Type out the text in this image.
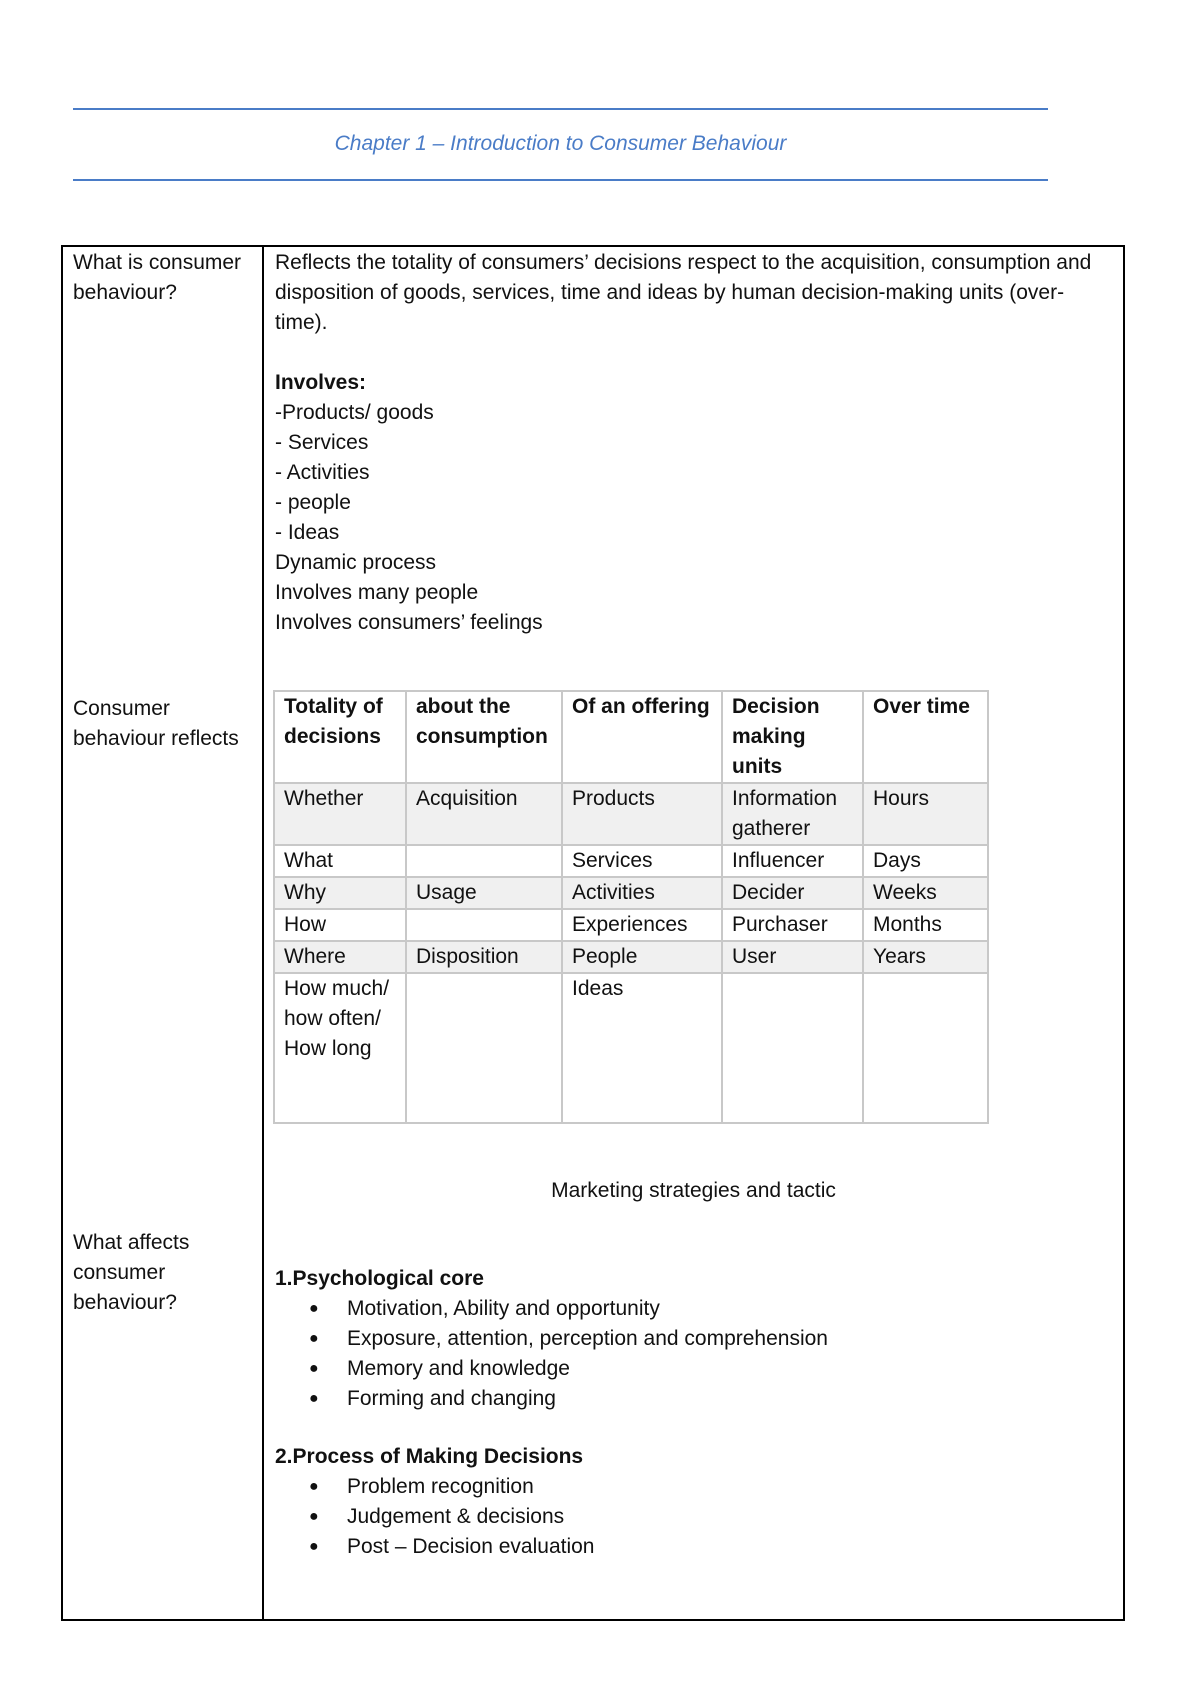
Chapter 1 – Introduction to Consumer Behaviour
What is consumer behaviour?

Reflects the totality of consumers’ decisions respect to the acquisition, consumption and disposition of goods, services, time and ideas by human decision-making units (over-time).

Involves:

-Products/ goods

- Services

- Activities

- people

- Ideas

Dynamic process

Involves many people

Involves consumers’ feelings

Consumer behaviour reflects
Totality of decisions	about the consumption	Of an offering	Decision making units	Over time
Whether	Acquisition	Products	Information gatherer	Hours
What		Services	Influencer	Days
Why	Usage	Activities	Decider	Weeks
How		Experiences	Purchaser	Months
Where	Disposition	People	User	Years
How much/ how often/ How long		Ideas		
Marketing strategies and tactic
What affects consumer behaviour?
1.Psychological core
● Motivation, Ability and opportunity
● Exposure, attention, perception and comprehension
● Memory and knowledge
● Forming and changing
2.Process of Making Decisions
● Problem recognition
● Judgement & decisions
● Post – Decision evaluation
